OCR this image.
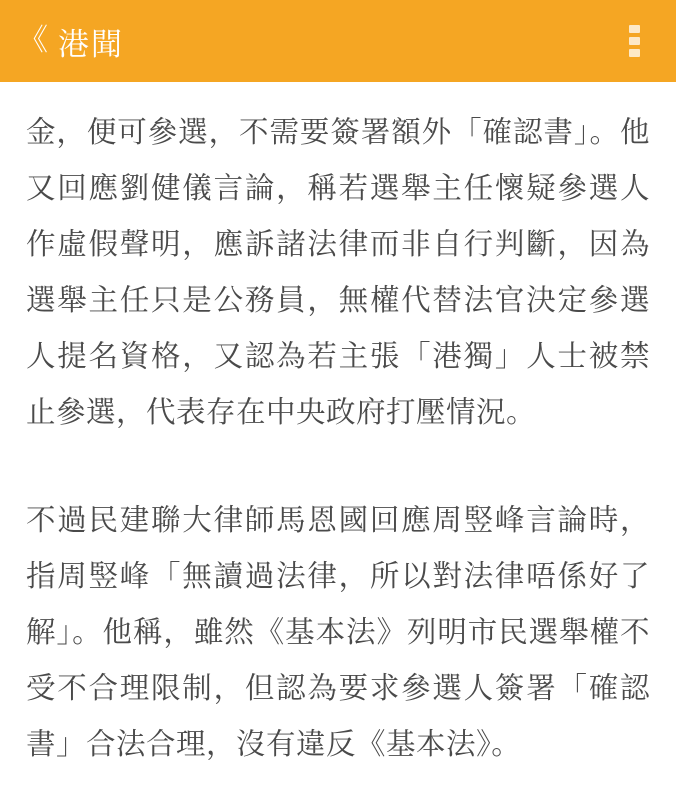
《 港聞

金，便可參選，不需要簽署額外「確認書」。他又回應劉健儀言論，稱若選舉主任懷疑參選人作虛假聲明，應訴諸法律而非自行判斷，因為選舉主任只是公務員，無權代替法官決定參選人提名資格，又認為若主張「港獨」人士被禁止參選，代表存在中央政府打壓情況。

不過民建聯大律師馬恩國回應周竪峰言論時，指周竪峰「無讀過法律，所以對法律唔係好了解」。他稱，雖然《基本法》列明市民選舉權不受不合理限制，但認為要求參選人簽署「確認書」合法合理，沒有違反《基本法》。
